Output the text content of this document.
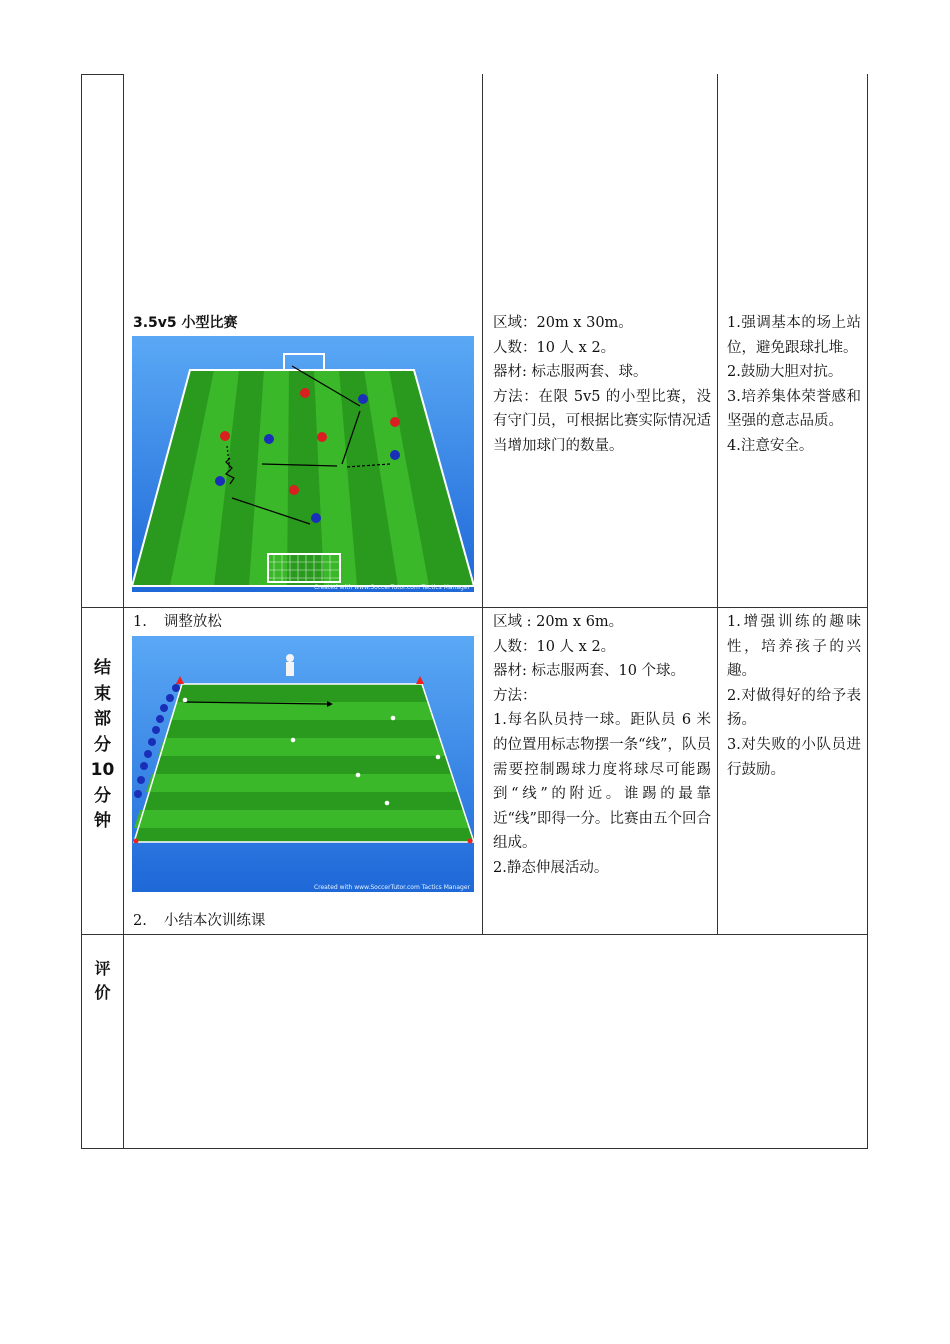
3.5v5 小型比赛
Created with www.SoccerTutor.com Tactics Manager

区域：20m x 30m。

人数：10 人 x 2。

器材: 标志服两套、球。

方法：在限 5v5 的小型比赛，没有守门员，可根据比赛实际情况适当增加球门的数量。

1.强调基本的场上站位，避免跟球扎堆。

2.鼓励大胆对抗。

3.培养集体荣誉感和坚强的意志品质。

4.注意安全。

结
束
部
分
10
分
钟
1. 调整放松
Created with www.SoccerTutor.com Tactics Manager
2. 小结本次训练课

区域 : 20m x 6m。

人数：10 人 x 2。

器材: 标志服两套、10 个球。

方法：

1.每名队员持一球。距队员 6 米的位置用标志物摆一条“线”，队员需要控制踢球力度将球尽可能踢到“线”的附近。谁踢的最靠近“线”即得一分。比赛由五个回合组成。

2.静态伸展活动。

1.增强训练的趣味性，培养孩子的兴趣。

2.对做得好的给予表扬。

3.对失败的小队员进行鼓励。

评
价
